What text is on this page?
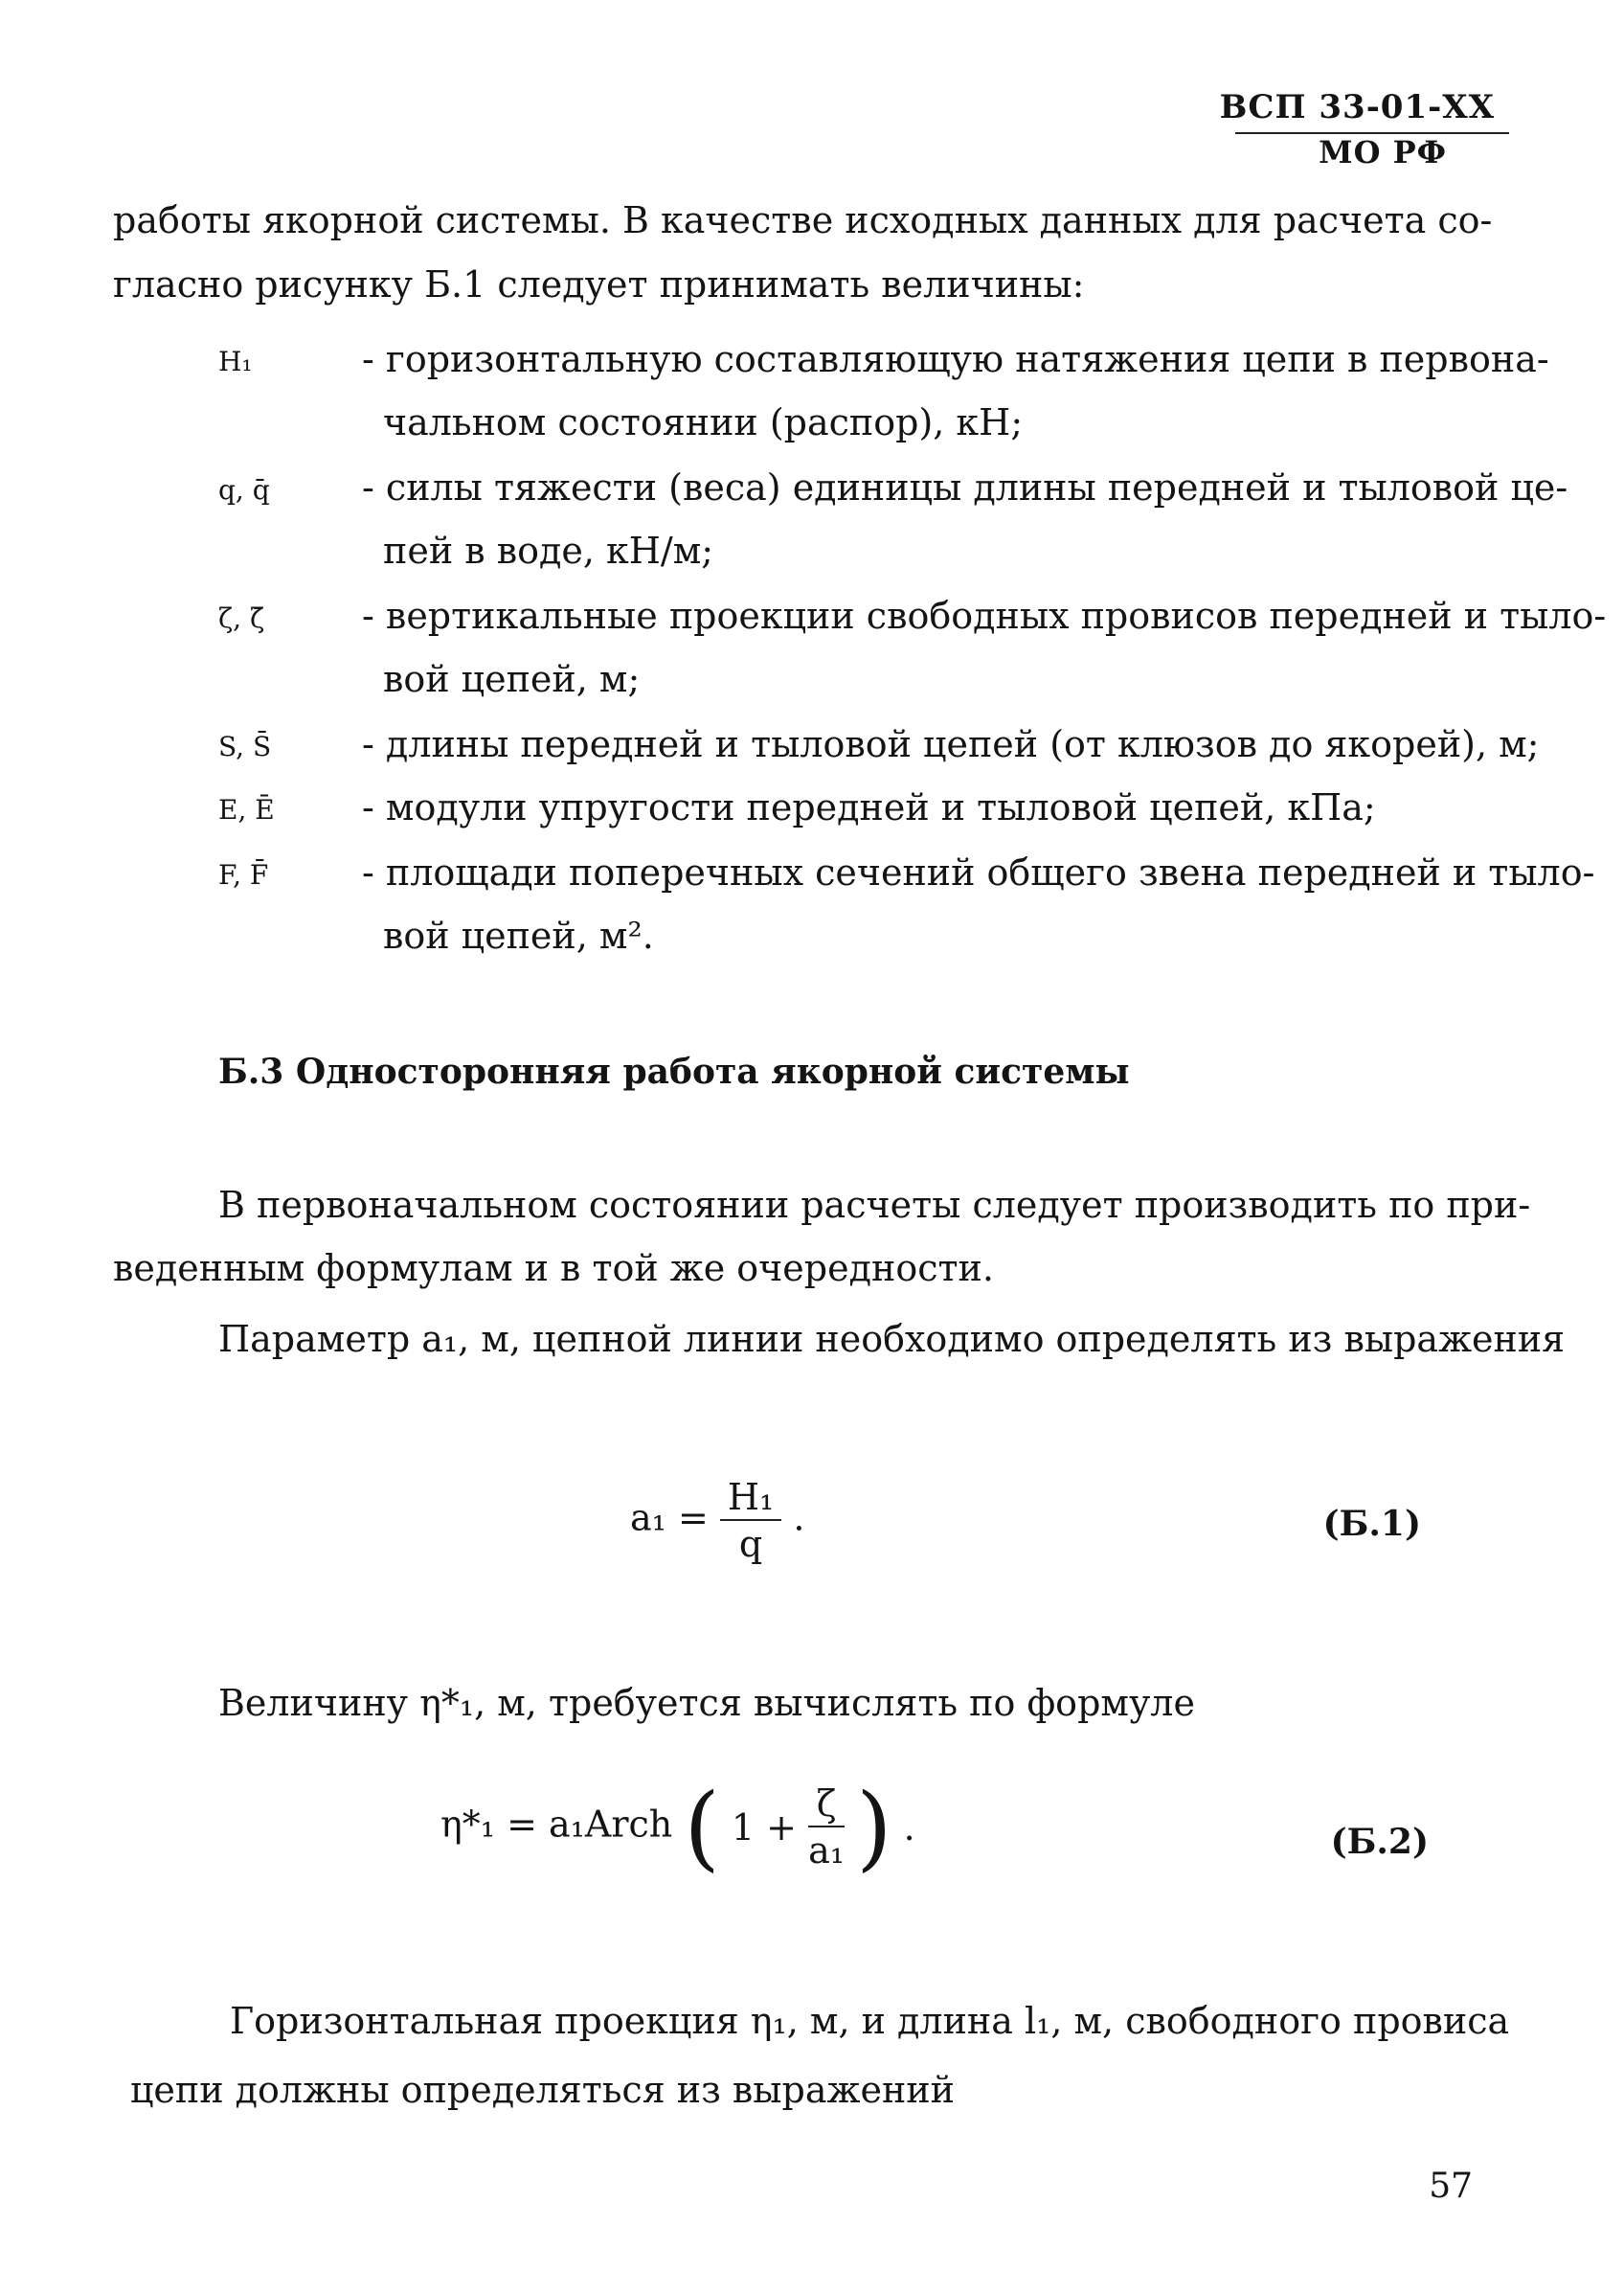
ВСП 33-01-XX
МО РФ
работы якорной системы. В качестве исходных данных для расчета со-
гласно рисунку Б.1 следует принимать величины:
H₁	- горизонтальную составляющую натяжения цепи в первона-
чальном состоянии (распор), кН;
q, q̄	- силы тяжести (веса) единицы длины передней и тыловой це-
пей в воде, кН/м;
ζ, ζ̄	- вертикальные проекции свободных провисов передней и тыло-
вой цепей, м;
S, S̄ - длины передней и тыловой цепей (от клюзов до якорей), м;
E, Ē - модули упругости передней и тыловой цепей, кПа;
F, F̄	- площади поперечных сечений общего звена передней и тыло-
вой цепей, м².
Б.3 Односторонняя работа якорной системы
В первоначальном состоянии расчеты следует производить по при-
веденным формулам и в той же очередности.
Параметр a₁, м, цепной линии необходимо определять из выражения
$a_1 = \frac{\text{H₁}}{q}$ .	(Б.1)
Величину η*₁, м, требуется вычислять по формуле
η*₁ = a₁Arch ( $1 + \frac{\zeta}{\text{a₁}}$ ) .	(Б.2)
Горизонтальная проекция η₁, м, и длина l₁, м, свободного провиса
цепи должны определяться из выражений
57
